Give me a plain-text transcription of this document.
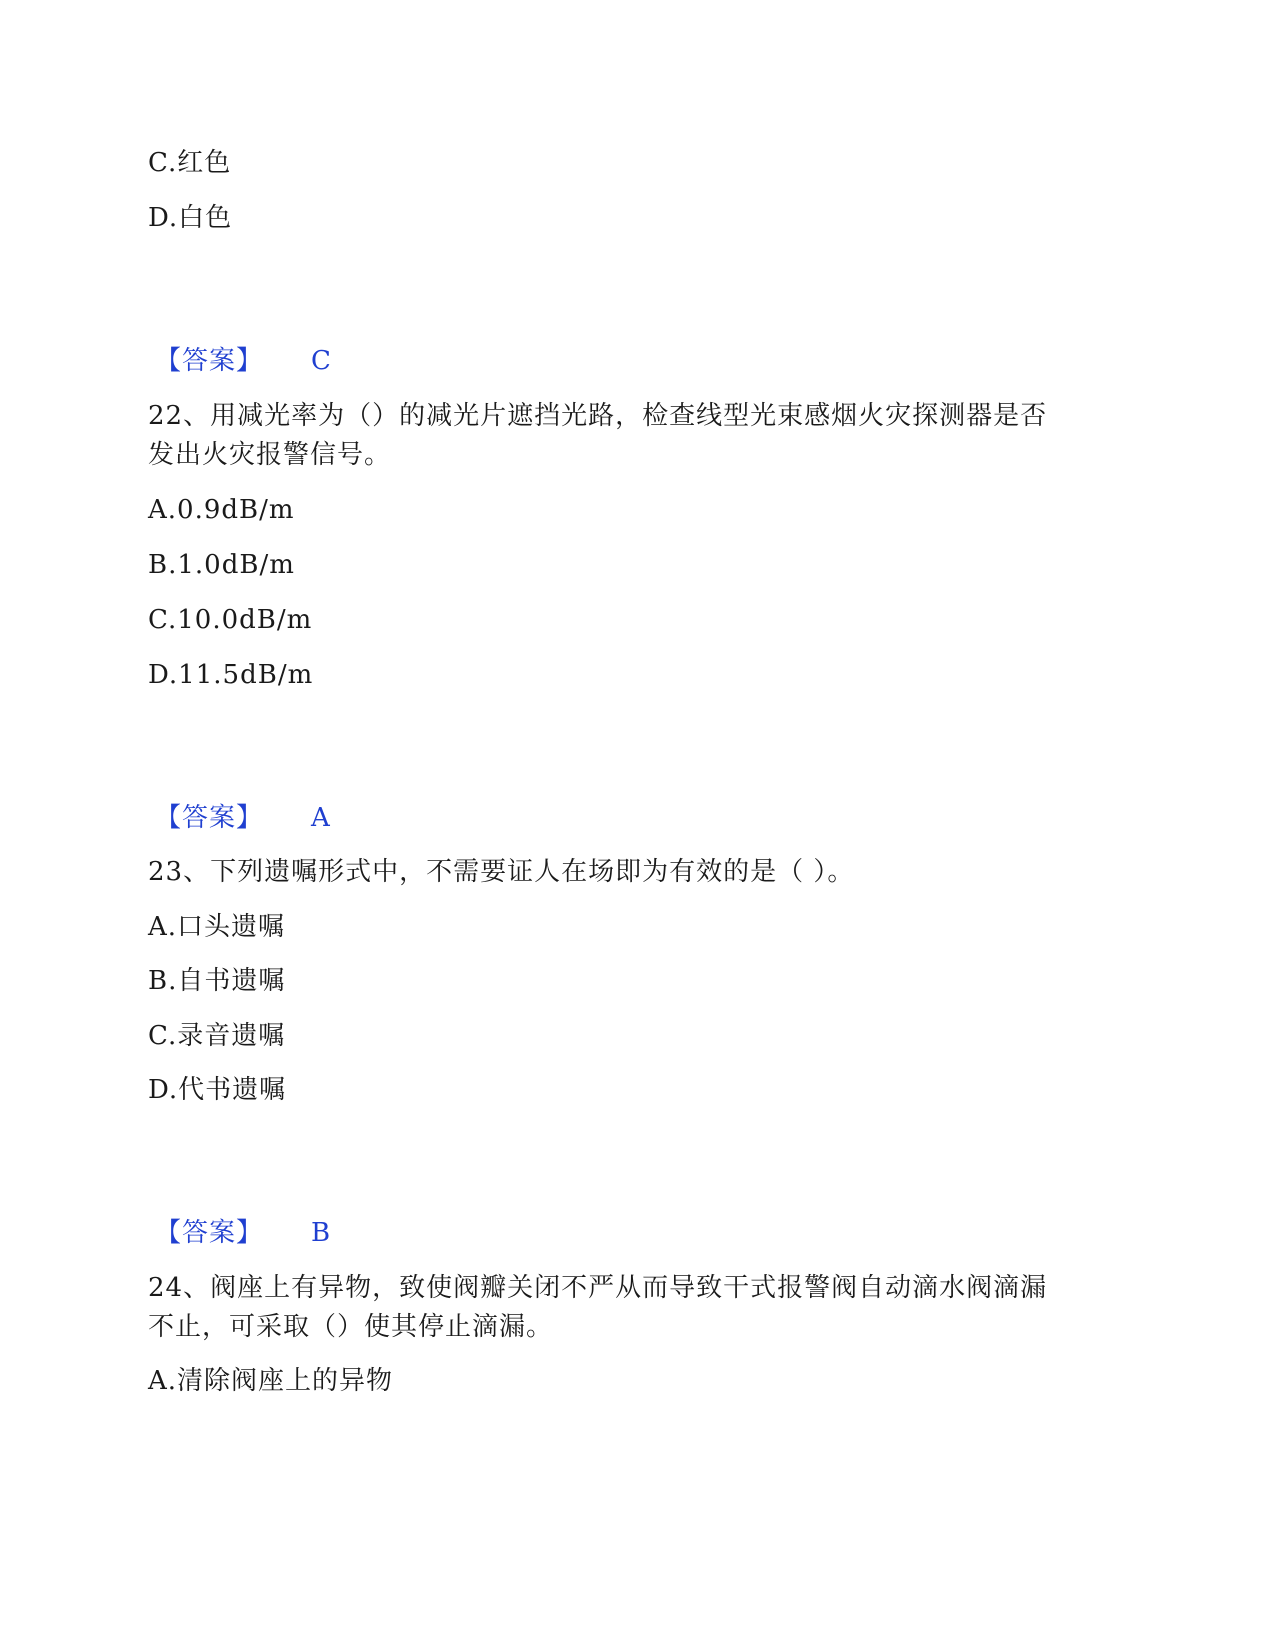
C.红色
D.白色
【答案】 C
22、用减光率为（）的减光片遮挡光路，检查线型光束感烟火灾探测器是否
发出火灾报警信号。
A.0.9dB/m
B.1.0dB/m
C.10.0dB/m
D.11.5dB/m
【答案】 A
23、下列遗嘱形式中，不需要证人在场即为有效的是（ ）。
A.口头遗嘱
B.自书遗嘱
C.录音遗嘱
D.代书遗嘱
【答案】 B
24、阀座上有异物，致使阀瓣关闭不严从而导致干式报警阀自动滴水阀滴漏
不止，可采取（）使其停止滴漏。
A.清除阀座上的异物
